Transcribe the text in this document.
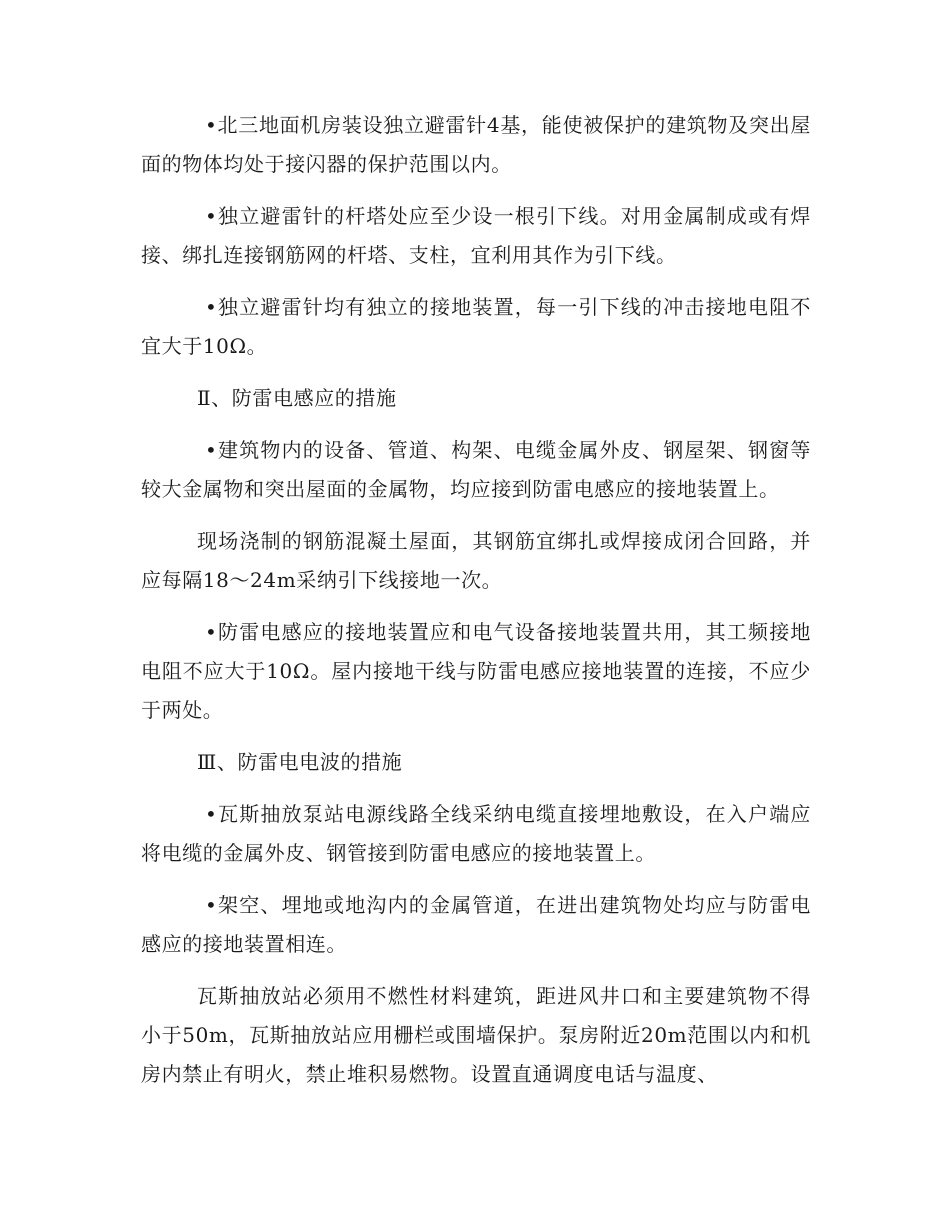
•北三地面机房装设独立避雷针4基，能使被保护的建筑物及突出屋面的物体均处于接闪器的保护范围以内。

•独立避雷针的杆塔处应至少设一根引下线。对用金属制成或有焊接、绑扎连接钢筋网的杆塔、支柱，宜利用其作为引下线。

•独立避雷针均有独立的接地装置，每一引下线的冲击接地电阻不宜大于10Ω。

Ⅱ、防雷电感应的措施

•建筑物内的设备、管道、构架、电缆金属外皮、钢屋架、钢窗等较大金属物和突出屋面的金属物，均应接到防雷电感应的接地装置上。

现场浇制的钢筋混凝土屋面，其钢筋宜绑扎或焊接成闭合回路，并应每隔18～24m采纳引下线接地一次。

•防雷电感应的接地装置应和电气设备接地装置共用，其工频接地电阻不应大于10Ω。屋内接地干线与防雷电感应接地装置的连接，不应少于两处。

Ⅲ、防雷电电波的措施

•瓦斯抽放泵站电源线路全线采纳电缆直接埋地敷设，在入户端应将电缆的金属外皮、钢管接到防雷电感应的接地装置上。

•架空、埋地或地沟内的金属管道，在进出建筑物处均应与防雷电感应的接地装置相连。

瓦斯抽放站必须用不燃性材料建筑，距进风井口和主要建筑物不得小于50m，瓦斯抽放站应用栅栏或围墙保护。泵房附近20m范围以内和机房内禁止有明火，禁止堆积易燃物。设置直通调度电话与温度、
